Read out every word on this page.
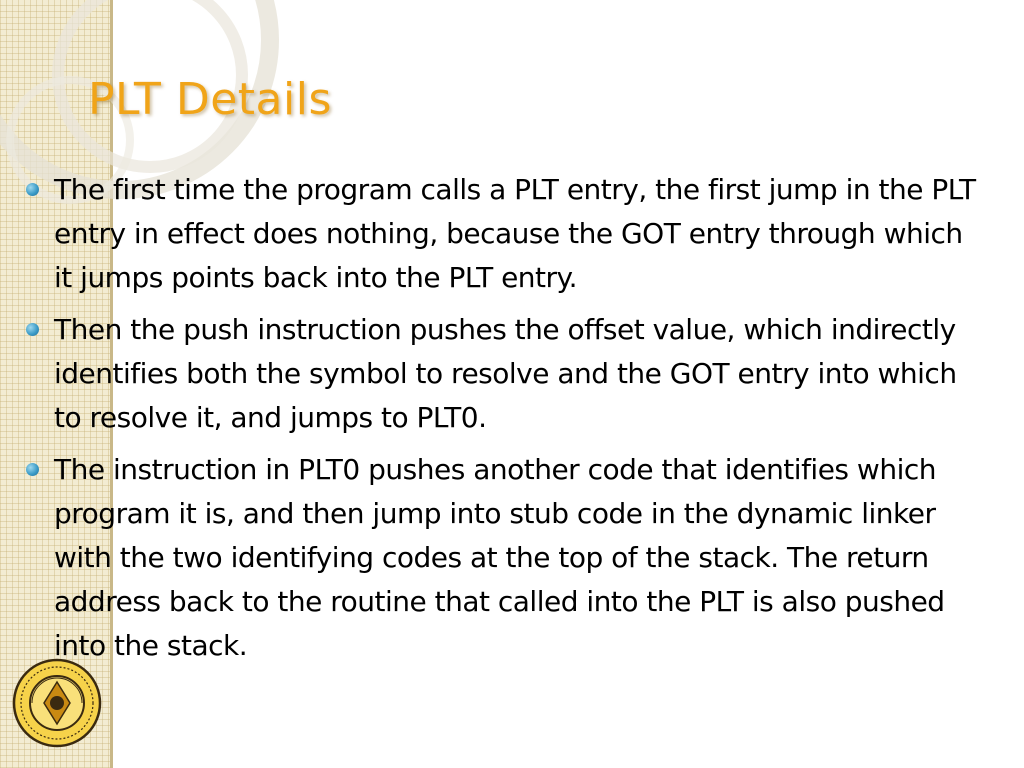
PLT Details
The first time the program calls a PLT entry, the first jump in the PLT entry in effect does nothing, because the GOT entry through which it jumps points back into the PLT entry.
Then the push instruction pushes the offset value, which indirectly identifies both the symbol to resolve and the GOT entry into which to resolve it, and jumps to PLT0.
The instruction in PLT0 pushes another code that identifies which program it is, and then jump into stub code in the dynamic linker with the two identifying codes at the top of the stack. The return address back to the routine that called into the PLT is also pushed into the stack.
